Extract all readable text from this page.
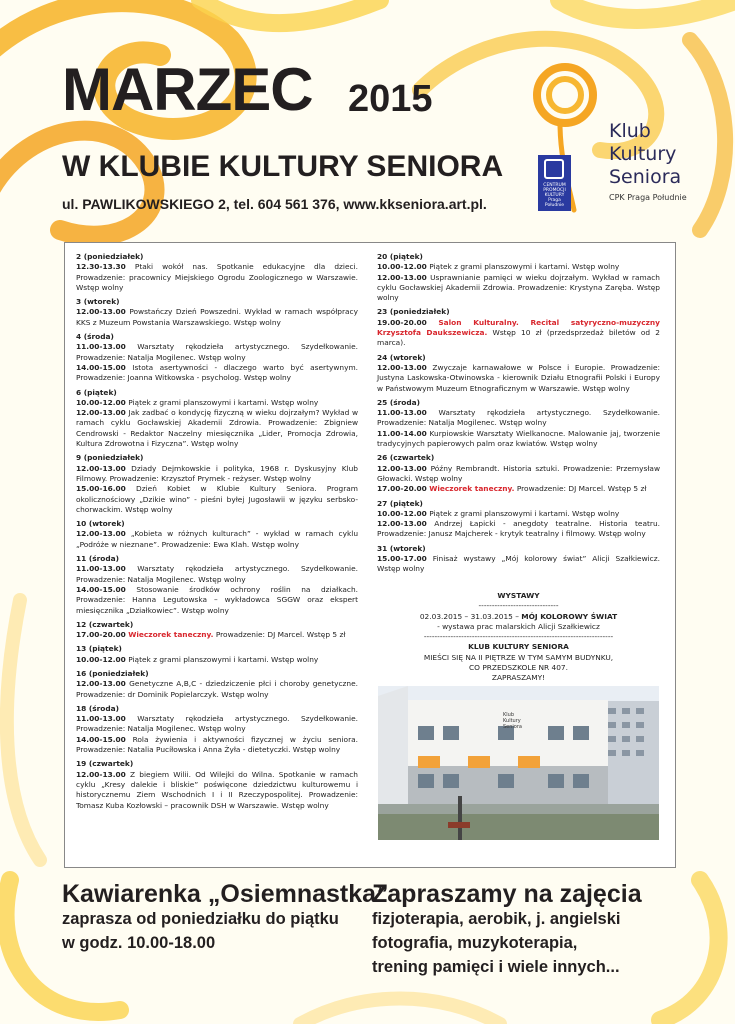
MARZEC 2015
W KLUBIE KULTURY SENIORA
ul. PAWLIKOWSKIEGO 2, tel. 604 561 376, www.kkseniora.art.pl.
CENTRUM
PROMOCJI
KULTURY
Praga Południe
Klub
Kultury
Seniora
CPK Praga Południe
2 (poniedziałek)
12.30-13.30 Ptaki wokół nas. Spotkanie edukacyjne dla dzieci. Prowadzenie: pracownicy Miejskiego Ogrodu Zoologicznego w Warszawie. Wstęp wolny
3 (wtorek)
12.00-13.00 Powstańczy Dzień Powszedni. Wykład w ramach współpracy KKS z Muzeum Powstania Warszawskiego. Wstęp wolny
4 (środa)
11.00-13.00 Warsztaty rękodzieła artystycznego. Szydełkowanie. Prowadzenie: Natalja Mogilenec. Wstęp wolny
14.00-15.00 Istota asertywności - dlaczego warto być asertywnym. Prowadzenie: Joanna Witkowska - psycholog. Wstęp wolny
6 (piątek)
10.00-12.00 Piątek z grami planszowymi i kartami. Wstęp wolny
12.00-13.00 Jak zadbać o kondycję fizyczną w wieku dojrzałym? Wykład w ramach cyklu Gocławskiej Akademii Zdrowia. Prowadzenie: Zbigniew Cendrowski - Redaktor Naczelny miesięcznika „Lider, Promocja Zdrowia, Kultura Zdrowotna i Fizyczna”. Wstęp wolny
9 (poniedziałek)
12.00-13.00 Dziady Dejmkowskie i polityka, 1968 r. Dyskusyjny Klub Filmowy. Prowadzenie: Krzysztof Prymek - reżyser. Wstęp wolny
15.00-16.00 Dzień Kobiet w Klubie Kultury Seniora. Program okolicznościowy „Dzikie wino” - pieśni byłej Jugosławii w języku serbsko-chorwackim. Wstęp wolny
10 (wtorek)
12.00-13.00 „Kobieta w różnych kulturach” - wykład w ramach cyklu „Podróże w nieznane”. Prowadzenie: Ewa Klah. Wstęp wolny
11 (środa)
11.00-13.00 Warsztaty rękodzieła artystycznego. Szydełkowanie. Prowadzenie: Natalja Mogilenec. Wstęp wolny
14.00-15.00 Stosowanie środków ochrony roślin na działkach. Prowadzenie: Hanna Legutowska – wykładowca SGGW oraz ekspert miesięcznika „Działkowiec”. Wstęp wolny
12 (czwartek)
17.00-20.00 Wieczorek taneczny. Prowadzenie: DJ Marcel. Wstęp 5 zł
13 (piątek)
10.00-12.00 Piątek z grami planszowymi i kartami. Wstęp wolny
16 (poniedziałek)
12.00-13.00 Genetyczne A,B,C - dziedziczenie płci i choroby genetyczne. Prowadzenie: dr Dominik Popielarczyk. Wstęp wolny
18 (środa)
11.00-13.00 Warsztaty rękodzieła artystycznego. Szydełkowanie. Prowadzenie: Natalja Mogilenec. Wstęp wolny
14.00-15.00 Rola żywienia i aktywności fizycznej w życiu seniora. Prowadzenie: Natalia Pucíłowska i Anna Żyła - dietetyczki. Wstęp wolny
19 (czwartek)
12.00-13.00 Z biegiem Wilii. Od Wilejki do Wilna. Spotkanie w ramach cyklu „Kresy dalekie i bliskie” poświęcone dziedzictwu kulturowemu i historycznemu Ziem Wschodnich I i II Rzeczypospolitej. Prowadzenie: Tomasz Kuba Kozłowski – pracownik DSH w Warszawie. Wstęp wolny
20 (piątek)
10.00-12.00 Piątek z grami planszowymi i kartami. Wstęp wolny
12.00-13.00 Usprawnianie pamięci w wieku dojrzałym. Wykład w ramach cyklu Gocławskiej Akademii Zdrowia. Prowadzenie: Krystyna Zaręba. Wstęp wolny
23 (poniedziałek)
19.00-20.00 Salon Kulturalny. Recital satyryczno-muzyczny Krzysztofa Daukszewicza. Wstęp 10 zł (przedsprzedaż biletów od 2 marca).
24 (wtorek)
12.00-13.00 Zwyczaje karnawałowe w Polsce i Europie. Prowadzenie: Justyna Laskowska-Otwinowska - kierownik Działu Etnografii Polski i Europy w Państwowym Muzeum Etnograficznym w Warszawie. Wstęp wolny
25 (środa)
11.00-13.00 Warsztaty rękodzieła artystycznego. Szydełkowanie. Prowadzenie: Natalja Mogilenec. Wstęp wolny
11.00-14.00 Kurpiowskie Warsztaty Wielkanocne. Malowanie jaj, tworzenie tradycyjnych papierowych palm oraz kwiatów. Wstęp wolny
26 (czwartek)
12.00-13.00 Późny Rembrandt. Historia sztuki. Prowadzenie: Przemysław Głowacki. Wstęp wolny
17.00-20.00 Wieczorek taneczny. Prowadzenie: DJ Marcel. Wstęp 5 zł
27 (piątek)
10.00-12.00 Piątek z grami planszowymi i kartami. Wstęp wolny
12.00-13.00 Andrzej Łapicki - anegdoty teatralne. Historia teatru. Prowadzenie: Janusz Majcherek - krytyk teatralny i filmowy. Wstęp wolny
31 (wtorek)
15.00-17.00 Finisaż wystawy „Mój kolorowy świat” Alicji Szałkiewicz. Wstęp wolny
WYSTAWY
------------------------------
02.03.2015 – 31.03.2015 – MÓJ KOLOROWY ŚWIAT
- wystawa prac malarskich Alicji Szałkiewicz
-----------------------------------------------------------------------
KLUB KULTURY SENIORA
MIEŚCI SIĘ NA II PIĘTRZE W TYM SAMYM BUDYNKU,
CO PRZEDSZKOLE NR 407.
ZAPRASZAMY!
Klub Kultury Seniora
Kawiarenka „Osiemnastka”
zaprasza od poniedziałku do piątku
w godz. 10.00-18.00
Zapraszamy na zajęcia
fizjoterapia, aerobik, j. angielski
fotografia, muzykoterapia,
trening pamięci i wiele innych...
